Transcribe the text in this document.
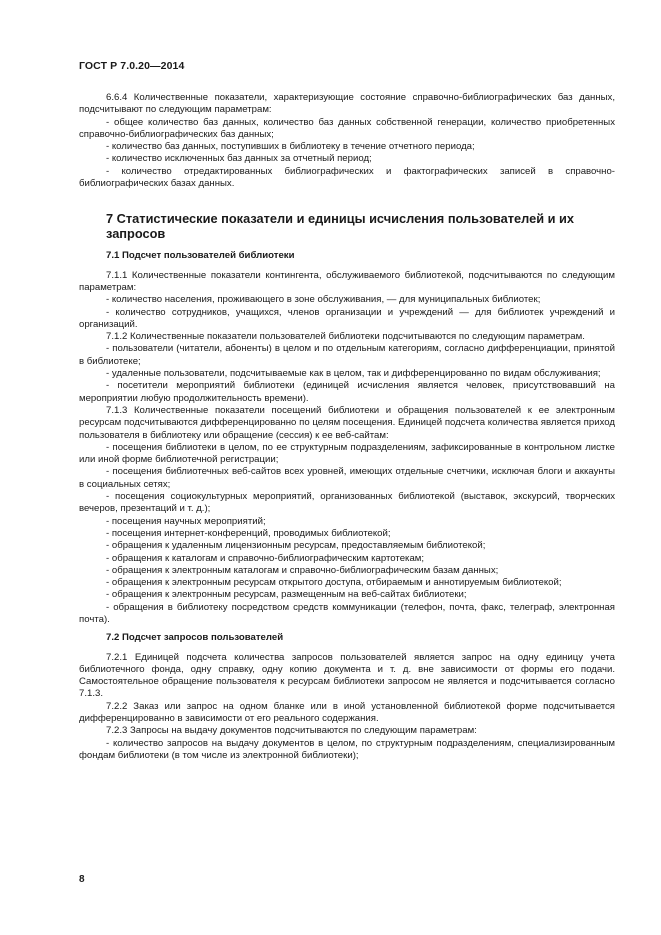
ГОСТ Р 7.0.20—2014

6.6.4 Количественные показатели, характеризующие состояние справочно-библиографических баз данных, подсчитывают по следующим параметрам:

- общее количество баз данных, количество баз данных собственной генерации, количество приобретенных справочно-библиографических баз данных;

- количество баз данных, поступивших в библиотеку в течение отчетного периода;

- количество исключенных баз данных за отчетный период;

- количество отредактированных библиографических и фактографических записей в справочно-библиографических базах данных.

7 Статистические показатели и единицы исчисления пользователей и их запросов

7.1 Подсчет пользователей библиотеки

7.1.1 Количественные показатели контингента, обслуживаемого библиотекой, подсчитываются по следующим параметрам:

- количество населения, проживающего в зоне обслуживания, — для муниципальных библиотек;

- количество сотрудников, учащихся, членов организации и учреждений — для библиотек учреждений и организаций.

7.1.2 Количественные показатели пользователей библиотеки подсчитываются по следующим параметрам.

- пользователи (читатели, абоненты) в целом и по отдельным категориям, согласно дифференциации, принятой в библиотеке;

- удаленные пользователи, подсчитываемые как в целом, так и дифференцированно по видам обслуживания;

- посетители мероприятий библиотеки (единицей исчисления является человек, присутствовавший на мероприятии любую продолжительность времени).

7.1.3 Количественные показатели посещений библиотеки и обращения пользователей к ее электронным ресурсам подсчитываются дифференцированно по целям посещения. Единицей подсчета количества является приход пользователя в библиотеку или обращение (сессия) к ее веб-сайтам:

- посещения библиотеки в целом, по ее структурным подразделениям, зафиксированные в контрольном листке или иной форме библиотечной регистрации;

- посещения библиотечных веб-сайтов всех уровней, имеющих отдельные счетчики, исключая блоги и аккаунты в социальных сетях;

- посещения социокультурных мероприятий, организованных библиотекой (выставок, экскурсий, творческих вечеров, презентаций и т. д.);

- посещения научных мероприятий;

- посещения интернет-конференций, проводимых библиотекой;

- обращения к удаленным лицензионным ресурсам, предоставляемым библиотекой;

- обращения к каталогам и справочно-библиографическим картотекам;

- обращения к электронным каталогам и справочно-библиографическим базам данных;

- обращения к электронным ресурсам открытого доступа, отбираемым и аннотируемым библиотекой;

- обращения к электронным ресурсам, размещенным на веб-сайтах библиотеки;

- обращения в библиотеку посредством средств коммуникации (телефон, почта, факс, телеграф, электронная почта).

7.2 Подсчет запросов пользователей

7.2.1 Единицей подсчета количества запросов пользователей является запрос на одну единицу учета библиотечного фонда, одну справку, одну копию документа и т. д. вне зависимости от формы его подачи. Самостоятельное обращение пользователя к ресурсам библиотеки запросом не является и подсчитывается согласно 7.1.3.

7.2.2 Заказ или запрос на одном бланке или в иной установленной библиотекой форме подсчитывается дифференцированно в зависимости от его реального содержания.

7.2.3 Запросы на выдачу документов подсчитываются по следующим параметрам:

- количество запросов на выдачу документов в целом, по структурным подразделениям, специализированным фондам библиотеки (в том числе из электронной библиотеки);

8
